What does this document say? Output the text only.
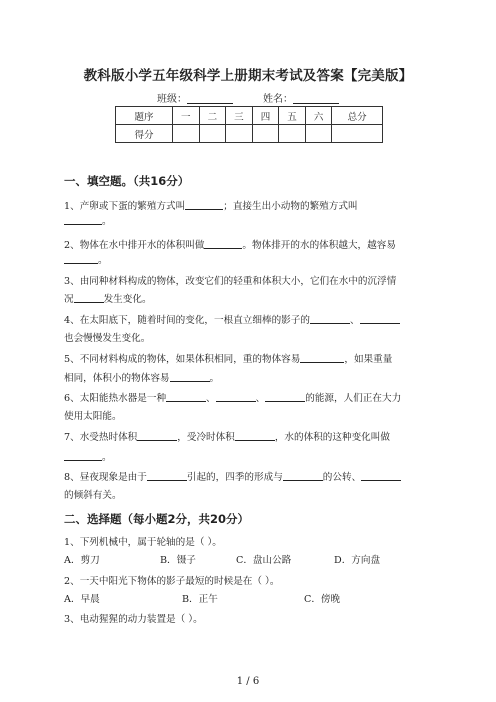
教科版小学五年级科学上册期末考试及答案【完美版】
班级：	姓名：
题序	一	二	三	四	五	六	总分
得分							
一、填空题。（共16分）
1、产卵或下蛋的繁殖方式叫	；直接生出小动物的繁殖方式叫
。
2、物体在水中排开水的体积叫做	。物体排开的水的体积越大，越容易
。
3、由同种材料构成的物体，改变它们的轻重和体积大小，它们在水中的沉浮情
况	发生变化。
4、在太阳底下，随着时间的变化，一根直立细棒的影子的	、
也会慢慢发生变化。
5、不同材料构成的物体，如果体积相同，重的物体容易	，如果重量
相同，体积小的物体容易	。
6、太阳能热水器是一种	、	、	的能源，人们正在大力
使用太阳能。
7、水受热时体积	，受冷时体积	，水的体积的这种变化叫做
。
8、昼夜现象是由于	引起的，四季的形成与	的公转、
的倾斜有关。
二、选择题（每小题2分，共20分）
1、下列机械中，属于轮轴的是（ ）。
A．剪刀	B．镊子	C．盘山公路	D．方向盘
2、一天中阳光下物体的影子最短的时候是在（ ）。
A．早晨	B．正午	C．傍晚
3、电动猩猩的动力装置是（ ）。
1 / 6
